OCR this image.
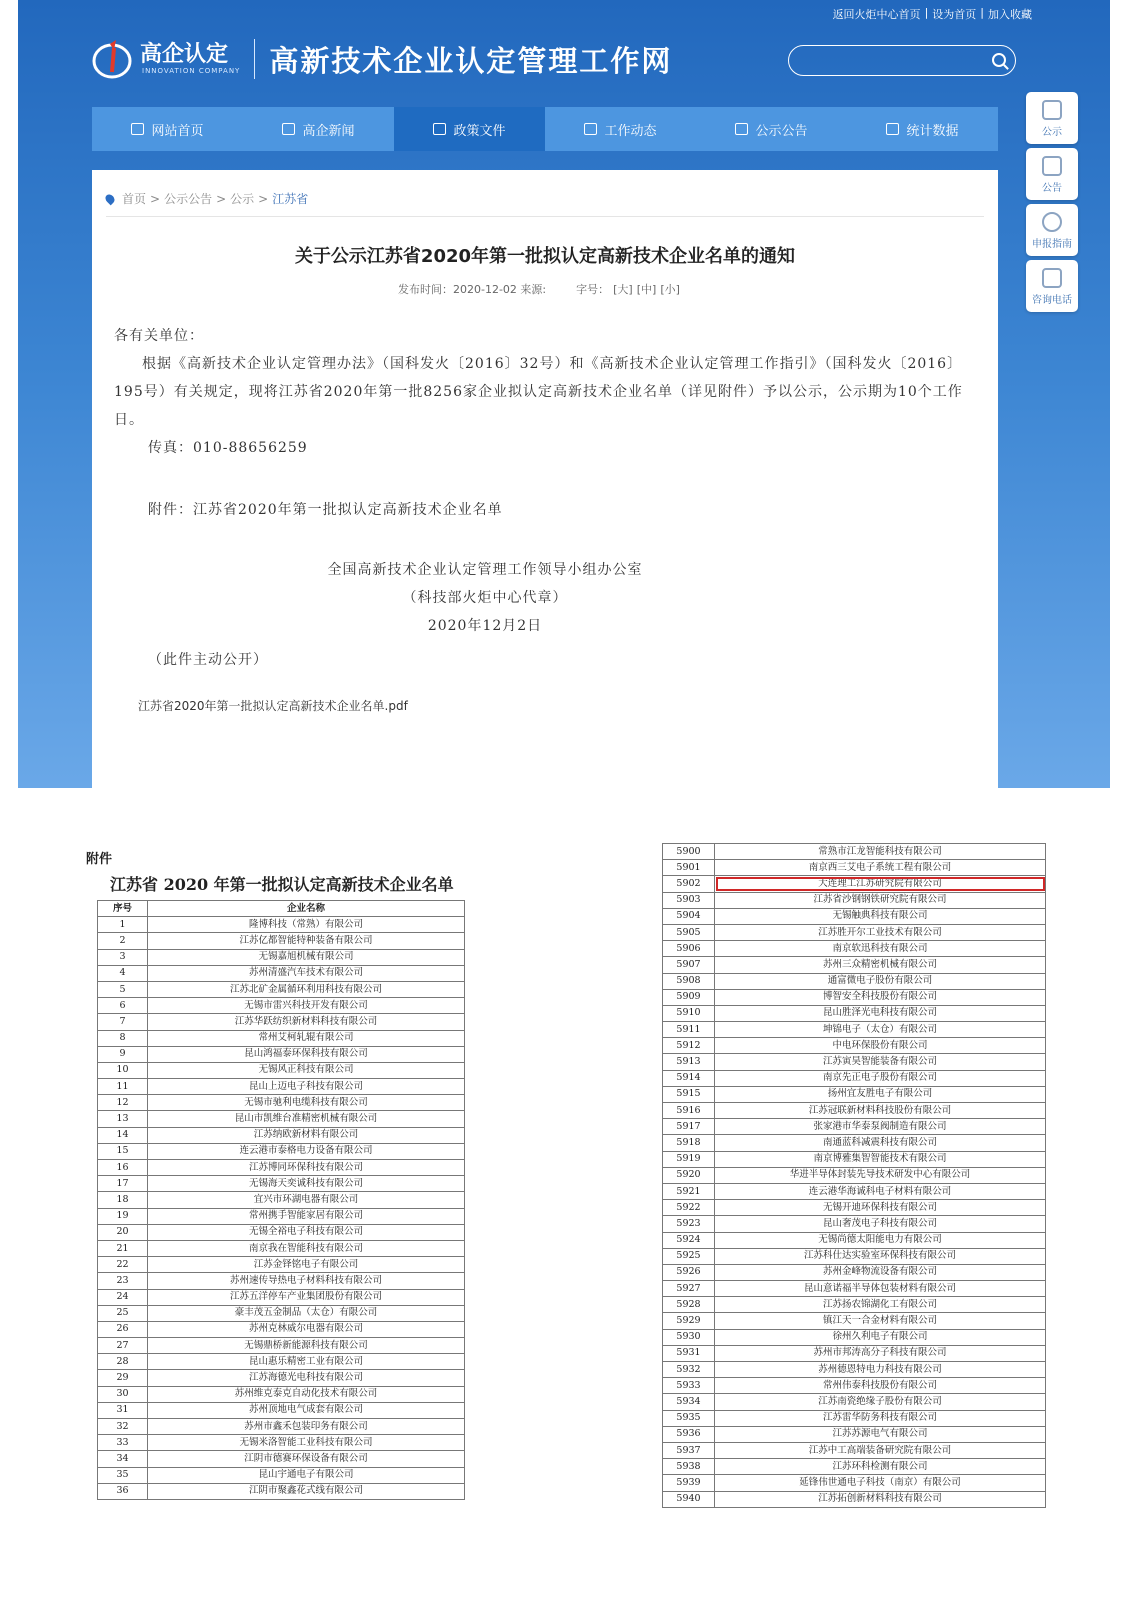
返回火炬中心首页 | 设为首页 | 加入收藏
高企认定
INNOVATION COMPANY 高新技术企业认定管理工作网
网站首页	高企新闻	政策文件	工作动态	公示公告	统计数据	公示
公告
申报指南
咨询电话
首页 > 公示公告 > 公示 > 江苏省
关于公示江苏省2020年第一批拟认定高新技术企业名单的通知
发布时间：2020-12-02 来源:	字号： [大] [中] [小]
各有关单位：
根据《高新技术企业认定管理办法》（国科发火〔2016〕32号）和《高新技术企业认定管理工作指引》（国科发火〔2016〕195号）有关规定，现将江苏省2020年第一批8256家企业拟认定高新技术企业名单（详见附件）予以公示，公示期为10个工作日。
传真：010-88656259
附件：江苏省2020年第一批拟认定高新技术企业名单
全国高新技术企业认定管理工作领导小组办公室
（科技部火炬中心代章）
2020年12月2日
（此件主动公开）
江苏省2020年第一批拟认定高新技术企业名单.pdf
附件
江苏省 2020 年第一批拟认定高新技术企业名单
序号	企业名称
1	隆博科技（常熟）有限公司
2	江苏亿都智能特种装备有限公司
3	无锡嘉旭机械有限公司
4	苏州清盛汽车技术有限公司
5	江苏北矿金属循环利用科技有限公司
6	无锡市雷兴科技开发有限公司
7	江苏华跃纺织新材料科技有限公司
8	常州艾柯轧辊有限公司
9	昆山鸿福泰环保科技有限公司
10	无锡风正科技有限公司
11	昆山上迈电子科技有限公司
12	无锡市驰利电缆科技有限公司
13	昆山市凯维台准精密机械有限公司
14	江苏纳欧新材料有限公司
15	连云港市泰格电力设备有限公司
16	江苏博同环保科技有限公司
17	无锡海天奕诚科技有限公司
18	宜兴市环湖电器有限公司
19	常州携手智能家居有限公司
20	无锡全裕电子科技有限公司
21	南京我在智能科技有限公司
22	江苏金铎铭电子有限公司
23	苏州速传导热电子材料科技有限公司
24	江苏五洋停车产业集团股份有限公司
25	豪丰茂五金制品（太仓）有限公司
26	苏州克林威尔电器有限公司
27	无锡鼎桥新能源科技有限公司
28	昆山惠乐精密工业有限公司
29	江苏海德光电科技有限公司
30	苏州维克泰克自动化技术有限公司
31	苏州顶地电气成套有限公司
32	苏州市鑫禾包装印务有限公司
33	无锡米洛智能工业科技有限公司
34	江阴市德赛环保设备有限公司
35	昆山宇通电子有限公司
36	江阴市聚鑫花式线有限公司
5900	常熟市江龙智能科技有限公司
5901	南京西三艾电子系统工程有限公司
5902	大连理工江苏研究院有限公司
5903	江苏省沙钢钢铁研究院有限公司
5904	无锡触典科技有限公司
5905	江苏胜开尔工业技术有限公司
5906	南京软迅科技有限公司
5907	苏州三众精密机械有限公司
5908	通富微电子股份有限公司
5909	博智安全科技股份有限公司
5910	昆山胜泽光电科技有限公司
5911	坤锦电子（太仓）有限公司
5912	中电环保股份有限公司
5913	江苏寅昊智能装备有限公司
5914	南京先正电子股份有限公司
5915	扬州宜友胜电子有限公司
5916	江苏冠联新材料科技股份有限公司
5917	张家港市华泰泵阀制造有限公司
5918	南通蓝科减震科技有限公司
5919	南京博雅集智智能技术有限公司
5920	华进半导体封装先导技术研发中心有限公司
5921	连云港华海诚科电子材料有限公司
5922	无锡开迪环保科技有限公司
5923	昆山奢茂电子科技有限公司
5924	无锡尚德太阳能电力有限公司
5925	江苏科仕达实验室环保科技有限公司
5926	苏州金峰物流设备有限公司
5927	昆山意诺福半导体包装材料有限公司
5928	江苏扬农锦湖化工有限公司
5929	镇江天一合金材料有限公司
5930	徐州久利电子有限公司
5931	苏州市邦涛高分子科技有限公司
5932	苏州德恩特电力科技有限公司
5933	常州伟泰科技股份有限公司
5934	江苏南瓷绝缘子股份有限公司
5935	江苏雷华防务科技有限公司
5936	江苏苏源电气有限公司
5937	江苏中工高端装备研究院有限公司
5938	江苏环科检测有限公司
5939	延锋伟世通电子科技（南京）有限公司
5940	江苏拓创新材料科技有限公司
